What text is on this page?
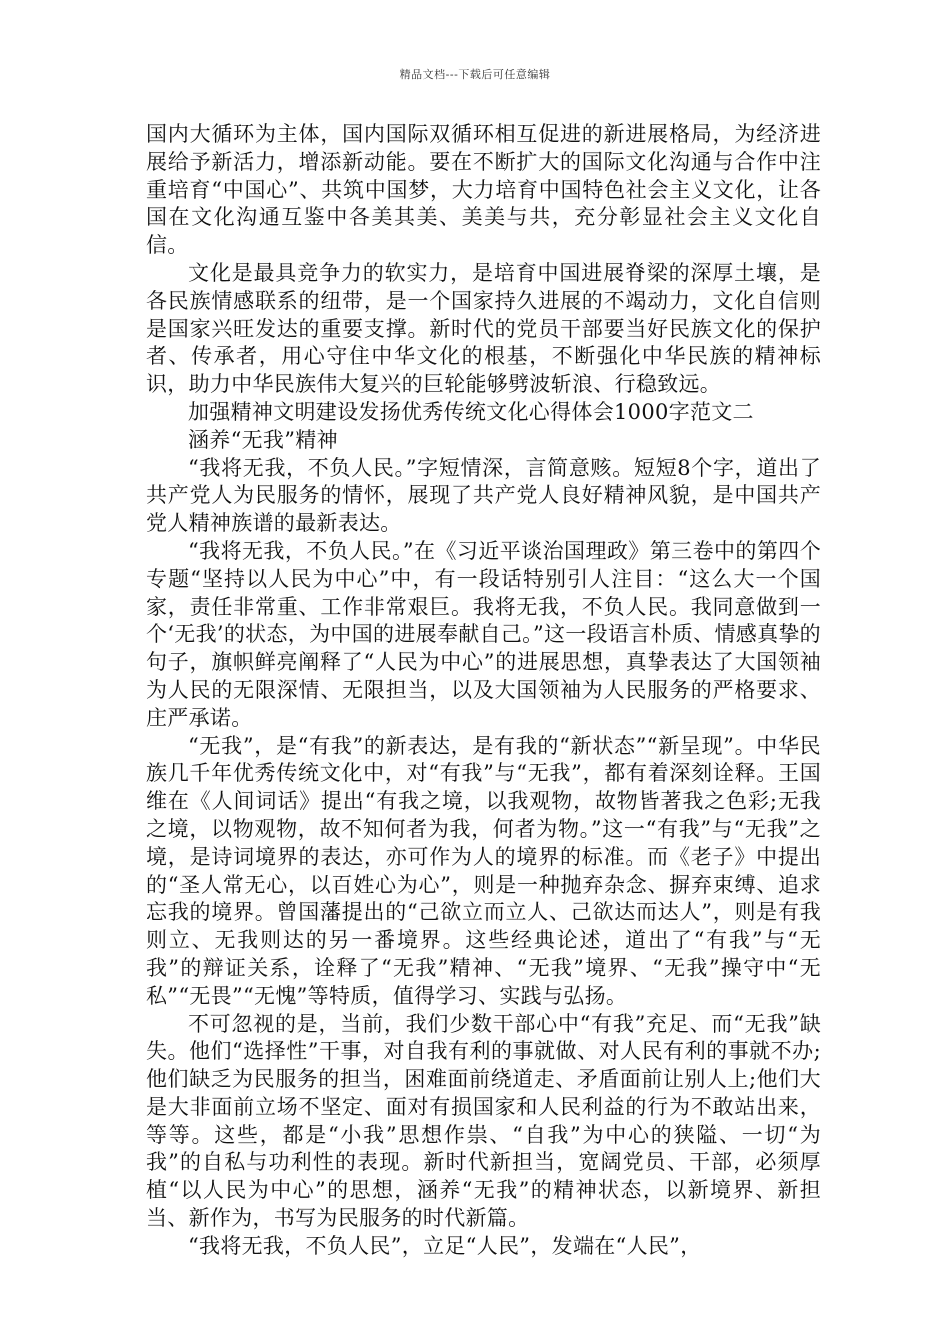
精品文档---下载后可任意编辑

国内大循环为主体，国内国际双循环相互促进的新进展格局，为经济进展给予新活力，增添新动能。要在不断扩大的国际文化沟通与合作中注重培育“中国心”、共筑中国梦，大力培育中国特色社会主义文化，让各国在文化沟通互鉴中各美其美、美美与共，充分彰显社会主义文化自信。

文化是最具竞争力的软实力，是培育中国进展脊梁的深厚土壤，是各民族情感联系的纽带，是一个国家持久进展的不竭动力，文化自信则是国家兴旺发达的重要支撑。新时代的党员干部要当好民族文化的保护者、传承者，用心守住中华文化的根基，不断强化中华民族的精神标识，助力中华民族伟大复兴的巨轮能够劈波斩浪、行稳致远。

加强精神文明建设发扬优秀传统文化心得体会1000字范文二

涵养“无我”精神

“我将无我，不负人民。”字短情深，言简意赅。短短8个字，道出了共产党人为民服务的情怀，展现了共产党人良好精神风貌，是中国共产党人精神族谱的最新表达。

“我将无我，不负人民。”在《习近平谈治国理政》第三卷中的第四个专题“坚持以人民为中心”中，有一段话特别引人注目：“这么大一个国家，责任非常重、工作非常艰巨。我将无我，不负人民。我同意做到一个‘无我’的状态，为中国的进展奉献自己。”这一段语言朴质、情感真挚的句子，旗帜鲜亮阐释了“人民为中心”的进展思想，真挚表达了大国领袖为人民的无限深情、无限担当，以及大国领袖为人民服务的严格要求、庄严承诺。

“无我”，是“有我”的新表达，是有我的“新状态”“新呈现”。中华民族几千年优秀传统文化中，对“有我”与“无我”，都有着深刻诠释。王国维在《人间词话》提出“有我之境，以我观物，故物皆著我之色彩;无我之境，以物观物，故不知何者为我，何者为物。”这一“有我”与“无我”之境，是诗词境界的表达，亦可作为人的境界的标准。而《老子》中提出的“圣人常无心，以百姓心为心”，则是一种抛弃杂念、摒弃束缚、追求忘我的境界。曾国藩提出的“己欲立而立人、己欲达而达人”，则是有我则立、无我则达的另一番境界。这些经典论述，道出了“有我”与“无我”的辩证关系，诠释了“无我”精神、“无我”境界、“无我”操守中“无私”“无畏”“无愧”等特质，值得学习、实践与弘扬。

不可忽视的是，当前，我们少数干部心中“有我”充足、而“无我”缺失。他们“选择性”干事，对自我有利的事就做、对人民有利的事就不办;他们缺乏为民服务的担当，困难面前绕道走、矛盾面前让别人上;他们大是大非面前立场不坚定、面对有损国家和人民利益的行为不敢站出来，等等。这些，都是“小我”思想作祟、“自我”为中心的狭隘、一切“为我”的自私与功利性的表现。新时代新担当，宽阔党员、干部，必须厚植“以人民为中心”的思想，涵养“无我”的精神状态，以新境界、新担当、新作为，书写为民服务的时代新篇。

“我将无我，不负人民”，立足“人民”，发端在“人民”，
